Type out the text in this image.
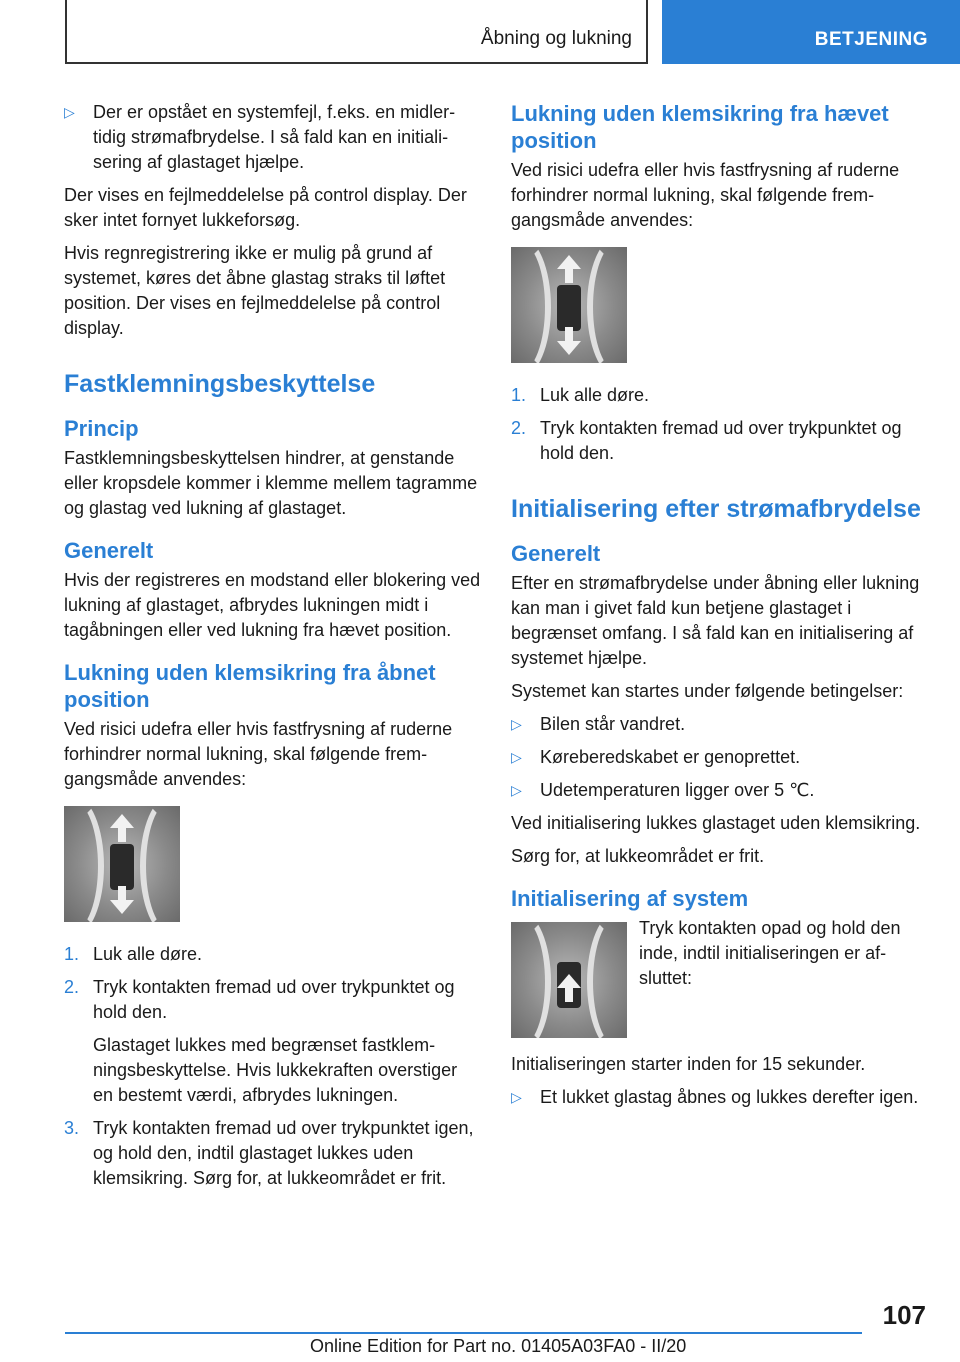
Åbning og lukning	BETJENING
▷ Der er opstået en systemfejl, f.eks. en midlertidig strømafbrydelse. I så fald kan en initialisering af glastaget hjælpe.

Der vises en fejlmeddelelse på control display. Der sker intet fornyet lukkeforsøg.

Hvis regnregistrering ikke er mulig på grund af systemet, køres det åbne glastag straks til løftet position. Der vises en fejlmeddelelse på control display.

Fastklemningsbeskyttelse
Princip

Fastklemningsbeskyttelsen hindrer, at genstande eller kropsdele kommer i klemme mellem tagramme og glastag ved lukning af glastaget.

Generelt

Hvis der registreres en modstand eller blokering ved lukning af glastaget, afbrydes lukningen midt i tagåbningen eller ved lukning fra hævet position.

Lukning uden klemsikring fra åbnet position

Ved risici udefra eller hvis fastfrysning af ruderne forhindrer normal lukning, skal følgende fremgangsmåde anvendes:

1. Luk alle døre.
2. Tryk kontakten fremad ud over trykpunktet og hold den.
Glastaget lukkes med begrænset fastklemningsbeskyttelse. Hvis lukkekraften overstiger en bestemt værdi, afbrydes lukningen.
3. Tryk kontakten fremad ud over trykpunktet igen, og hold den, indtil glastaget lukkes uden klemsikring. Sørg for, at lukkeområdet er frit.
Lukning uden klemsikring fra hævet position

Ved risici udefra eller hvis fastfrysning af ruderne forhindrer normal lukning, skal følgende fremgangsmåde anvendes:

1. Luk alle døre.
2. Tryk kontakten fremad ud over trykpunktet og hold den.
Initialisering efter strømafbrydelse
Generelt

Efter en strømafbrydelse under åbning eller lukning kan man i givet fald kun betjene glastaget i begrænset omfang. I så fald kan en initialisering af systemet hjælpe.

Systemet kan startes under følgende betingelser:

▷ Bilen står vandret.
▷ Køreberedskabet er genoprettet.
▷ Udetemperaturen ligger over 5 ℃.

Ved initialisering lukkes glastaget uden klemsikring.

Sørg for, at lukkeområdet er frit.

Initialisering af system

Tryk kontakten opad og hold den inde, indtil initialiseringen er afsluttet:

Initialiseringen starter inden for 15 sekunder.

▷ Et lukket glastag åbnes og lukkes derefter igen.
107
Online Edition for Part no. 01405A03FA0 - II/20
